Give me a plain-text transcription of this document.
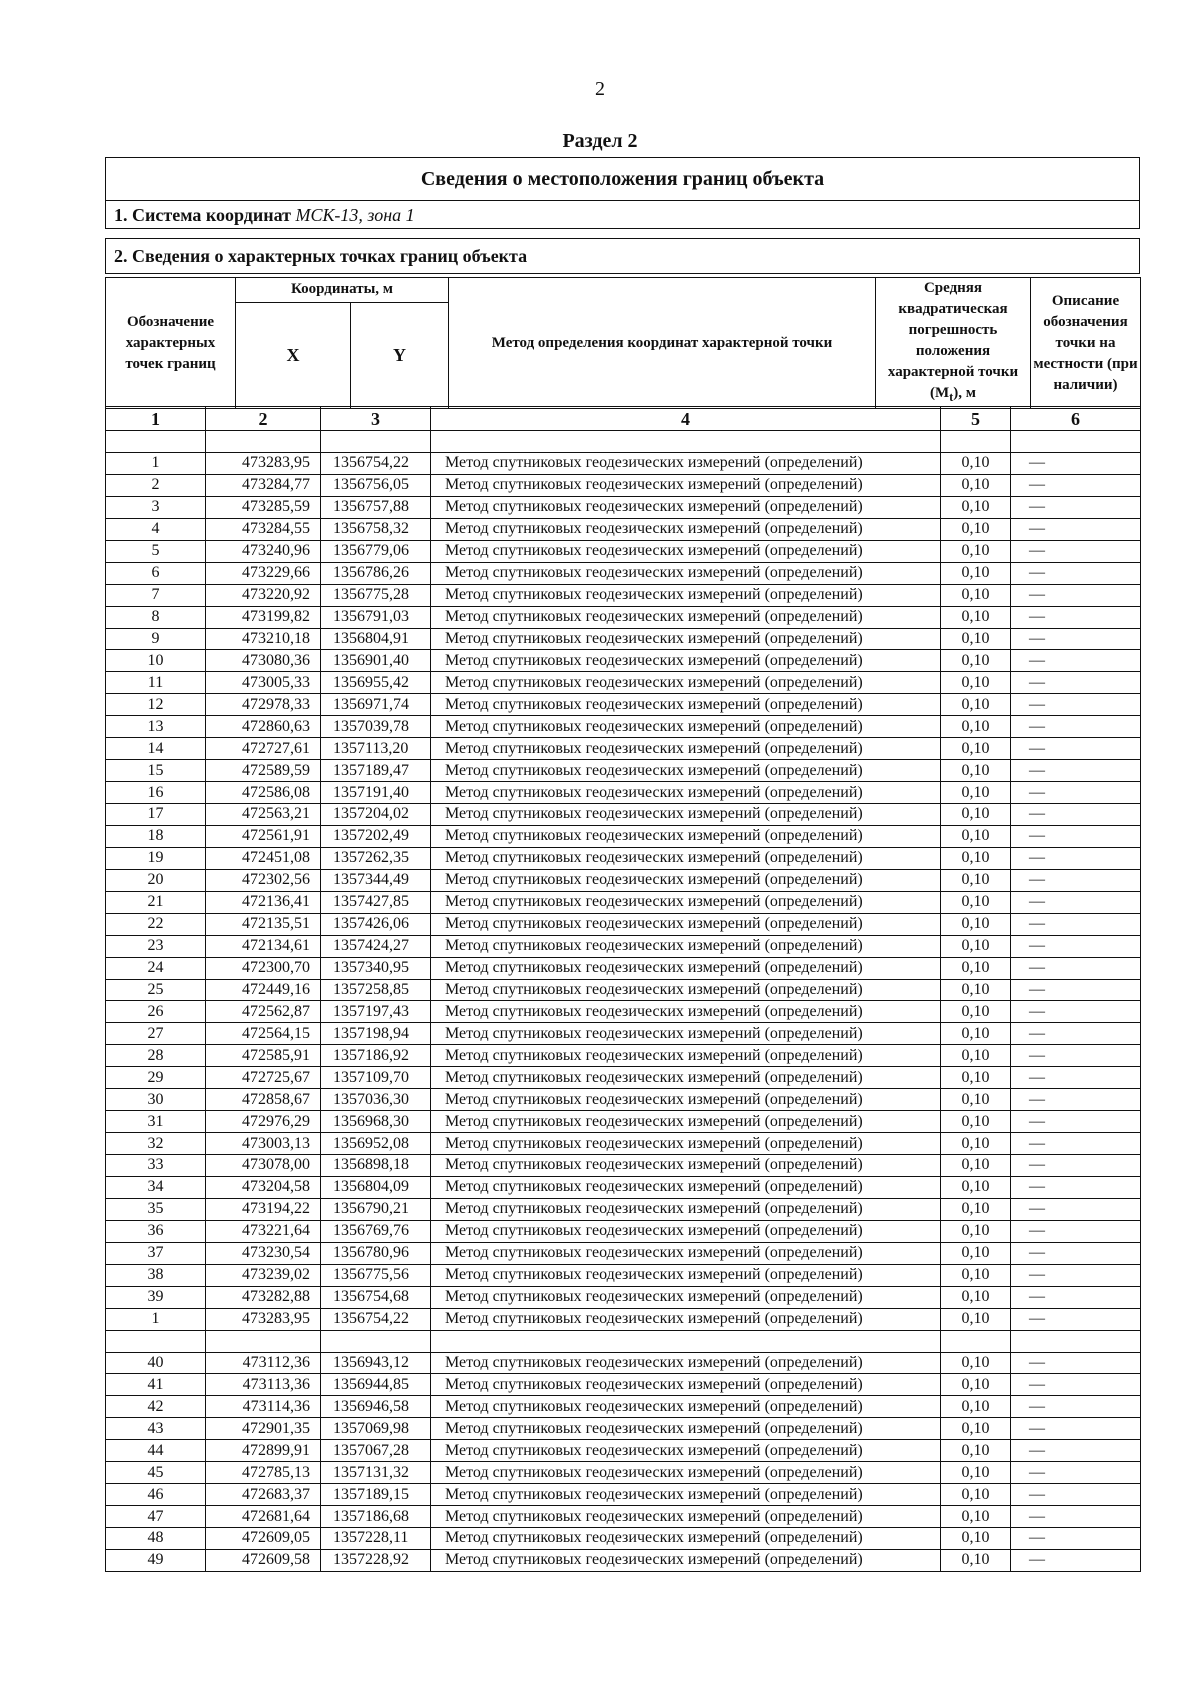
2
Раздел 2
Сведения о местоположения границ объекта
1. Система координат МСК-13, зона 1
2. Сведения о характерных точках границ объекта
Обозначение характерных точек границ	Координаты, м		Метод определения координат характерной точки	Средняя квадратическая погрешность положения характерной точки $(M_t)$, м	Описание обозначения точки на местности (при наличии)
	X	Y			
1	2	3	4	5	6

1	473283,95	1356754,22	Метод спутниковых геодезических измерений (определений)	0,10	—
2	473284,77	1356756,05	Метод спутниковых геодезических измерений (определений)	0,10	—
3	473285,59	1356757,88	Метод спутниковых геодезических измерений (определений)	0,10	—
4	473284,55	1356758,32	Метод спутниковых геодезических измерений (определений)	0,10	—
5	473240,96	1356779,06	Метод спутниковых геодезических измерений (определений)	0,10	—
6	473229,66	1356786,26	Метод спутниковых геодезических измерений (определений)	0,10	—
7	473220,92	1356775,28	Метод спутниковых геодезических измерений (определений)	0,10	—
8	473199,82	1356791,03	Метод спутниковых геодезических измерений (определений)	0,10	—
9	473210,18	1356804,91	Метод спутниковых геодезических измерений (определений)	0,10	—
10	473080,36	1356901,40	Метод спутниковых геодезических измерений (определений)	0,10	—
11	473005,33	1356955,42	Метод спутниковых геодезических измерений (определений)	0,10	—
12	472978,33	1356971,74	Метод спутниковых геодезических измерений (определений)	0,10	—
13	472860,63	1357039,78	Метод спутниковых геодезических измерений (определений)	0,10	—
14	472727,61	1357113,20	Метод спутниковых геодезических измерений (определений)	0,10	—
15	472589,59	1357189,47	Метод спутниковых геодезических измерений (определений)	0,10	—
16	472586,08	1357191,40	Метод спутниковых геодезических измерений (определений)	0,10	—
17	472563,21	1357204,02	Метод спутниковых геодезических измерений (определений)	0,10	—
18	472561,91	1357202,49	Метод спутниковых геодезических измерений (определений)	0,10	—
19	472451,08	1357262,35	Метод спутниковых геодезических измерений (определений)	0,10	—
20	472302,56	1357344,49	Метод спутниковых геодезических измерений (определений)	0,10	—
21	472136,41	1357427,85	Метод спутниковых геодезических измерений (определений)	0,10	—
22	472135,51	1357426,06	Метод спутниковых геодезических измерений (определений)	0,10	—
23	472134,61	1357424,27	Метод спутниковых геодезических измерений (определений)	0,10	—
24	472300,70	1357340,95	Метод спутниковых геодезических измерений (определений)	0,10	—
25	472449,16	1357258,85	Метод спутниковых геодезических измерений (определений)	0,10	—
26	472562,87	1357197,43	Метод спутниковых геодезических измерений (определений)	0,10	—
27	472564,15	1357198,94	Метод спутниковых геодезических измерений (определений)	0,10	—
28	472585,91	1357186,92	Метод спутниковых геодезических измерений (определений)	0,10	—
29	472725,67	1357109,70	Метод спутниковых геодезических измерений (определений)	0,10	—
30	472858,67	1357036,30	Метод спутниковых геодезических измерений (определений)	0,10	—
31	472976,29	1356968,30	Метод спутниковых геодезических измерений (определений)	0,10	—
32	473003,13	1356952,08	Метод спутниковых геодезических измерений (определений)	0,10	—
33	473078,00	1356898,18	Метод спутниковых геодезических измерений (определений)	0,10	—
34	473204,58	1356804,09	Метод спутниковых геодезических измерений (определений)	0,10	—
35	473194,22	1356790,21	Метод спутниковых геодезических измерений (определений)	0,10	—
36	473221,64	1356769,76	Метод спутниковых геодезических измерений (определений)	0,10	—
37	473230,54	1356780,96	Метод спутниковых геодезических измерений (определений)	0,10	—
38	473239,02	1356775,56	Метод спутниковых геодезических измерений (определений)	0,10	—
39	473282,88	1356754,68	Метод спутниковых геодезических измерений (определений)	0,10	—
1	473283,95	1356754,22	Метод спутниковых геодезических измерений (определений)	0,10	—

40	473112,36	1356943,12	Метод спутниковых геодезических измерений (определений)	0,10	—
41	473113,36	1356944,85	Метод спутниковых геодезических измерений (определений)	0,10	—
42	473114,36	1356946,58	Метод спутниковых геодезических измерений (определений)	0,10	—
43	472901,35	1357069,98	Метод спутниковых геодезических измерений (определений)	0,10	—
44	472899,91	1357067,28	Метод спутниковых геодезических измерений (определений)	0,10	—
45	472785,13	1357131,32	Метод спутниковых геодезических измерений (определений)	0,10	—
46	472683,37	1357189,15	Метод спутниковых геодезических измерений (определений)	0,10	—
47	472681,64	1357186,68	Метод спутниковых геодезических измерений (определений)	0,10	—
48	472609,05	1357228,11	Метод спутниковых геодезических измерений (определений)	0,10	—
49	472609,58	1357228,92	Метод спутниковых геодезических измерений (определений)	0,10	—
